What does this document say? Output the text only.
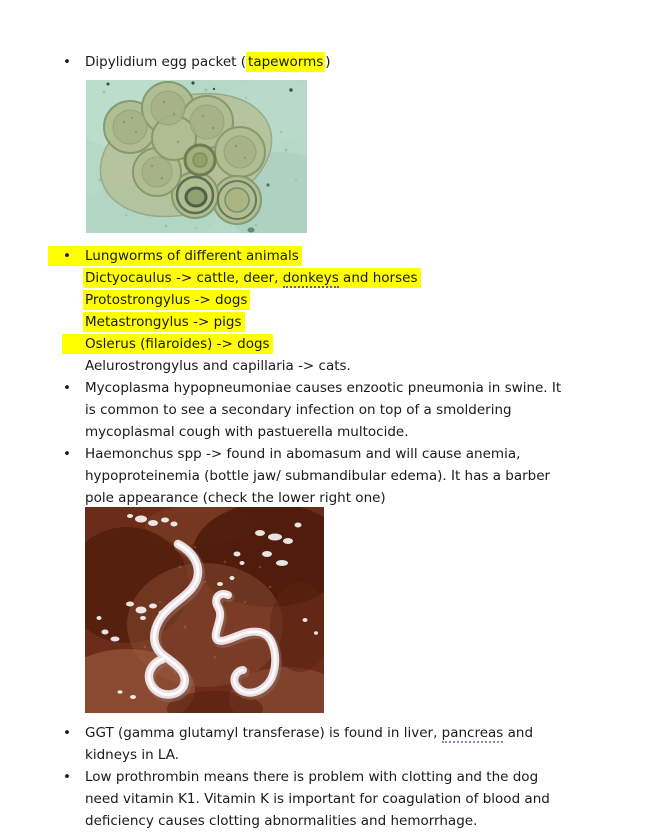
• Dipylidium egg packet ( tapeworms )
•Lungworms of different animals
Dictyocaulus -> cattle, deer, donkeys and horses
Protostrongylus -> dogs
Metastrongylus -> pigs
Oslerus (filaroides) -> dogs
Aelurostrongylus and capillaria -> cats.
• Mycoplasma hypopneumoniae causes enzootic pneumonia in swine. It
is common to see a secondary infection on top of a smoldering
mycoplasmal cough with pastuerella multocide.
• Haemonchus spp -> found in abomasum and will cause anemia,
hypoproteinemia (bottle jaw/ submandibular edema). It has a barber
pole appearance (check the lower right one)
• GGT (gamma glutamyl transferase) is found in liver, pancreas and
kidneys in LA.
• Low prothrombin means there is problem with clotting and the dog
need vitamin K1. Vitamin K is important for coagulation of blood and
deficiency causes clotting abnormalities and hemorrhage.
